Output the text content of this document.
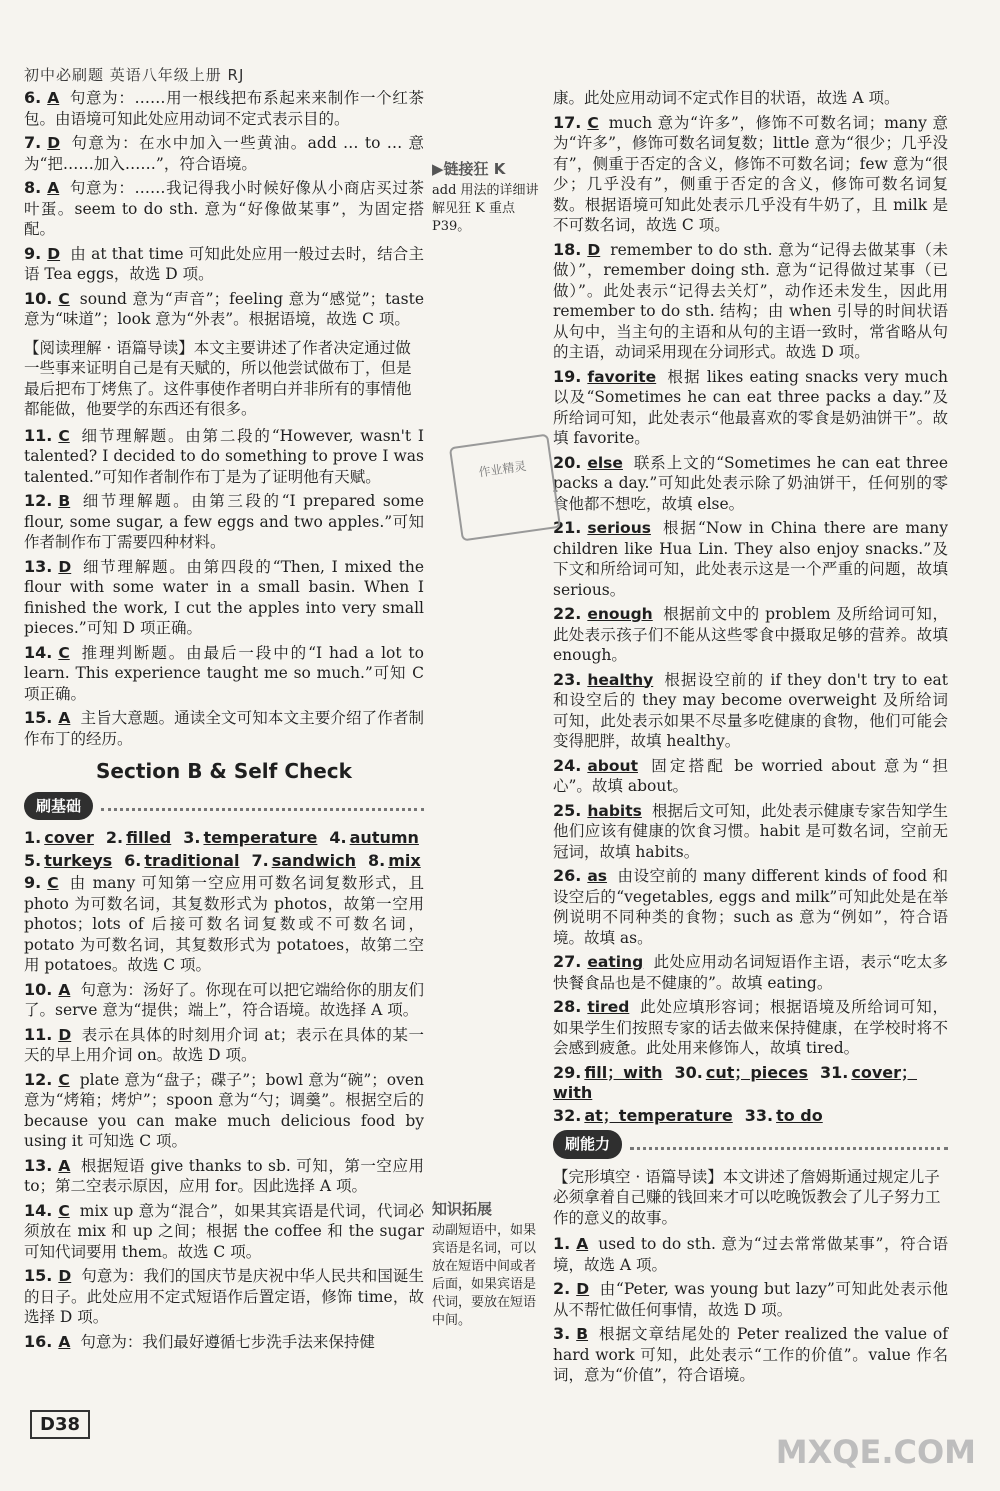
初中必刷题 英语八年级上册 RJ
6. A 句意为：……用一根线把布系起来来制作一个红茶包。由语境可知此处应用动词不定式表示目的。
7. D 句意为：在水中加入一些黄油。add … to … 意为“把……加入……”，符合语境。
8. A 句意为：……我记得我小时候好像从小商店买过茶叶蛋。seem to do sth. 意为“好像做某事”，为固定搭配。
9. D 由 at that time 可知此处应用一般过去时，结合主语 Tea eggs，故选 D 项。
10. C sound 意为“声音”；feeling 意为“感觉”；taste 意为“味道”；look 意为“外表”。根据语境，故选 C 项。
【阅读理解 · 语篇导读】本文主要讲述了作者决定通过做一些事来证明自己是有天赋的，所以他尝试做布丁，但是最后把布丁烤焦了。这件事使作者明白并非所有的事情他都能做，他要学的东西还有很多。
11. C 细节理解题。由第二段的“However, wasn't I talented? I decided to do something to prove I was talented.”可知作者制作布丁是为了证明他有天赋。
12. B 细节理解题。由第三段的“I prepared some flour, some sugar, a few eggs and two apples.”可知作者制作布丁需要四种材料。
13. D 细节理解题。由第四段的“Then, I mixed the flour with some water in a small basin. When I finished the work, I cut the apples into very small pieces.”可知 D 项正确。
14. C 推理判断题。由最后一段中的“I had a lot to learn. This experience taught me so much.”可知 C 项正确。
15. A 主旨大意题。通读全文可知本文主要介绍了作者制作布丁的经历。
Section B & Self Check
刷基础
1. cover 2. filled 3. temperature 4. autumn
5. turkeys 6. traditional 7. sandwich 8. mix
9. C 由 many 可知第一空应用可数名词复数形式，且 photo 为可数名词，其复数形式为 photos，故第一空用 photos；lots of 后接可数名词复数或不可数名词，potato 为可数名词，其复数形式为 potatoes，故第二空用 potatoes。故选 C 项。
10. A 句意为：汤好了。你现在可以把它端给你的朋友们了。serve 意为“提供；端上”，符合语境。故选择 A 项。
11. D 表示在具体的时刻用介词 at；表示在具体的某一天的早上用介词 on。故选 D 项。
12. C plate 意为“盘子；碟子”；bowl 意为“碗”；oven 意为“烤箱；烤炉”；spoon 意为“勺；调羹”。根据空后的 because you can make much delicious food by using it 可知选 C 项。
13. A 根据短语 give thanks to sb. 可知，第一空应用 to；第二空表示原因，应用 for。因此选择 A 项。
14. C mix up 意为“混合”，如果其宾语是代词，代词必须放在 mix 和 up 之间；根据 the coffee 和 the sugar 可知代词要用 them。故选 C 项。
15. D 句意为：我们的国庆节是庆祝中华人民共和国诞生的日子。此处应用不定式短语作后置定语，修饰 time，故选择 D 项。
16. A 句意为：我们最好遵循七步洗手法来保持健
康。此处应用动词不定式作目的状语，故选 A 项。
17. C much 意为“许多”，修饰不可数名词；many 意为“许多”，修饰可数名词复数；little 意为“很少；几乎没有”，侧重于否定的含义，修饰不可数名词；few 意为“很少；几乎没有”，侧重于否定的含义，修饰可数名词复数。根据语境可知此处表示几乎没有牛奶了，且 milk 是不可数名词，故选 C 项。
18. D remember to do sth. 意为“记得去做某事（未做）”，remember doing sth. 意为“记得做过某事（已做）”。此处表示“记得去关灯”，动作还未发生，因此用 remember to do sth. 结构；由 when 引导的时间状语从句中，当主句的主语和从句的主语一致时，常省略从句的主语，动词采用现在分词形式。故选 D 项。
19. favorite 根据 likes eating snacks very much 以及“Sometimes he can eat three packs a day.”及所给词可知，此处表示“他最喜欢的零食是奶油饼干”。故填 favorite。
20. else 联系上文的“Sometimes he can eat three packs a day.”可知此处表示除了奶油饼干，任何别的零食他都不想吃，故填 else。
21. serious 根据“Now in China there are many children like Hua Lin. They also enjoy snacks.”及下文和所给词可知，此处表示这是一个严重的问题，故填 serious。
22. enough 根据前文中的 problem 及所给词可知，此处表示孩子们不能从这些零食中摄取足够的营养。故填 enough。
23. healthy 根据设空前的 if they don't try to eat 和设空后的 they may become overweight 及所给词可知，此处表示如果不尽量多吃健康的食物，他们可能会变得肥胖，故填 healthy。
24. about 固定搭配 be worried about 意为“担心”。故填 about。
25. habits 根据后文可知，此处表示健康专家告知学生他们应该有健康的饮食习惯。habit 是可数名词，空前无冠词，故填 habits。
26. as 由设空前的 many different kinds of food 和设空后的“vegetables, eggs and milk”可知此处是在举例说明不同种类的食物；such as 意为“例如”，符合语境。故填 as。
27. eating 此处应用动名词短语作主语，表示“吃太多快餐食品也是不健康的”。故填 eating。
28. tired 此处应填形容词；根据语境及所给词可知，如果学生们按照专家的话去做来保持健康，在学校时将不会感到疲惫。此处用来修饰人，故填 tired。
29. fill；with 30. cut；pieces 31. cover；with
32. at；temperature 33. to do
刷能力
【完形填空 · 语篇导读】本文讲述了詹姆斯通过规定儿子必须拿着自己赚的钱回来才可以吃晚饭教会了儿子努力工作的意义的故事。
1. A used to do sth. 意为“过去常常做某事”，符合语境，故选 A 项。
2. D 由“Peter, was young but lazy”可知此处表示他从不帮忙做任何事情，故选 D 项。
3. B 根据文章结尾处的 Peter realized the value of hard work 可知，此处表示“工作的价值”。value 作名词，意为“价值”，符合语境。
▶链接狂 K
add 用法的详细讲解见狂 K 重点 P39。
作业精灵
知识拓展
动副短语中，如果宾语是名词，可以放在短语中间或者后面，如果宾语是代词，要放在短语中间。
D38
MXQE.COM
